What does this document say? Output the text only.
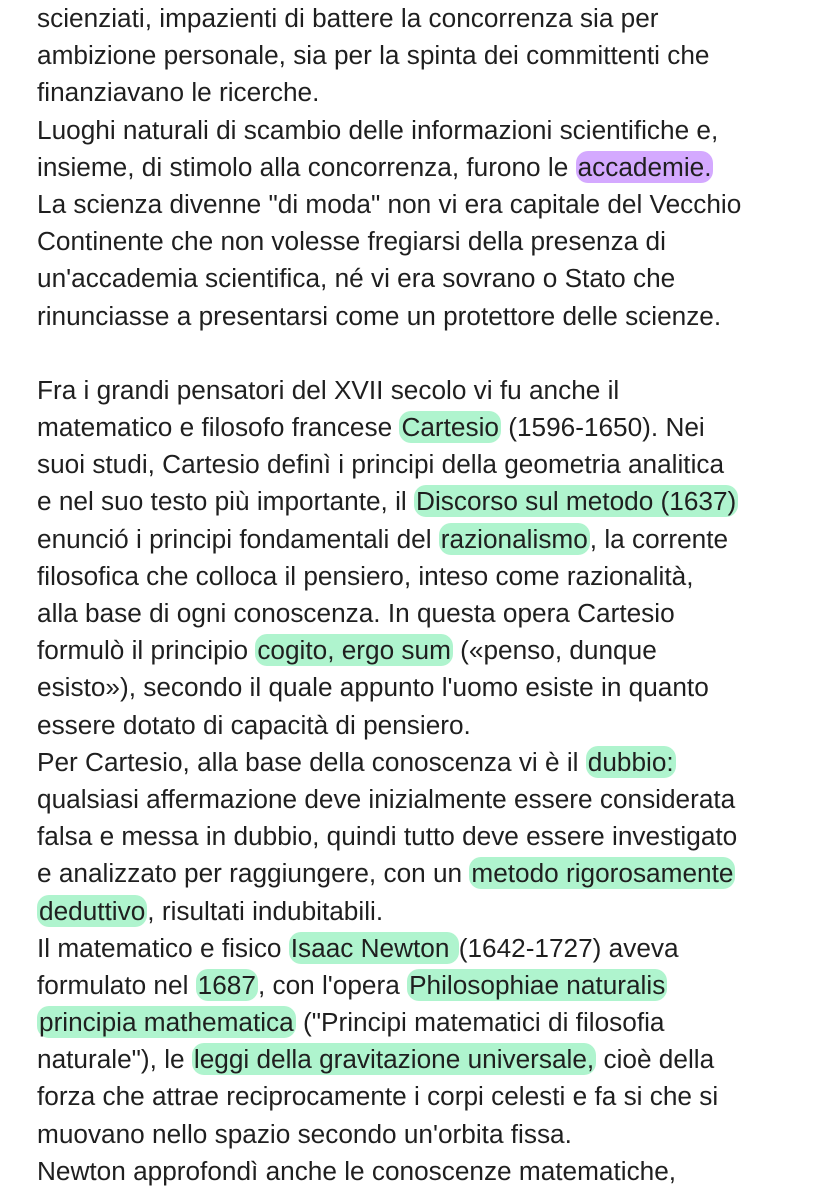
scienziati, impazienti di battere la concorrenza sia per
ambizione personale, sia per la spinta dei committenti che
finanziavano le ricerche.
Luoghi naturali di scambio delle informazioni scientifiche e,
insieme, di stimolo alla concorrenza, furono le accademie.
La scienza divenne "di moda" non vi era capitale del Vecchio
Continente che non volesse fregiarsi della presenza di
un'accademia scientifica, né vi era sovrano o Stato che
rinunciasse a presentarsi come un protettore delle scienze.
Fra i grandi pensatori del XVII secolo vi fu anche il
matematico e filosofo francese Cartesio (1596-1650). Nei
suoi studi, Cartesio definì i principi della geometria analitica
e nel suo testo più importante, il Discorso sul metodo (1637)
enunció i principi fondamentali del razionalismo, la corrente
filosofica che colloca il pensiero, inteso come razionalità,
alla base di ogni conoscenza. In questa opera Cartesio
formulò il principio cogito, ergo sum («penso, dunque
esisto»), secondo il quale appunto l'uomo esiste in quanto
essere dotato di capacità di pensiero.
Per Cartesio, alla base della conoscenza vi è il dubbio:
qualsiasi affermazione deve inizialmente essere considerata
falsa e messa in dubbio, quindi tutto deve essere investigato
e analizzato per raggiungere, con un metodo rigorosamente
deduttivo, risultati indubitabili.
Il matematico e fisico Isaac Newton (1642-1727) aveva
formulato nel 1687, con l'opera Philosophiae naturalis
principia mathematica ("Principi matematici di filosofia
naturale"), le leggi della gravitazione universale, cioè della
forza che attrae reciprocamente i corpi celesti e fa si che si
muovano nello spazio secondo un'orbita fissa.
Newton approfondì anche le conoscenze matematiche,
